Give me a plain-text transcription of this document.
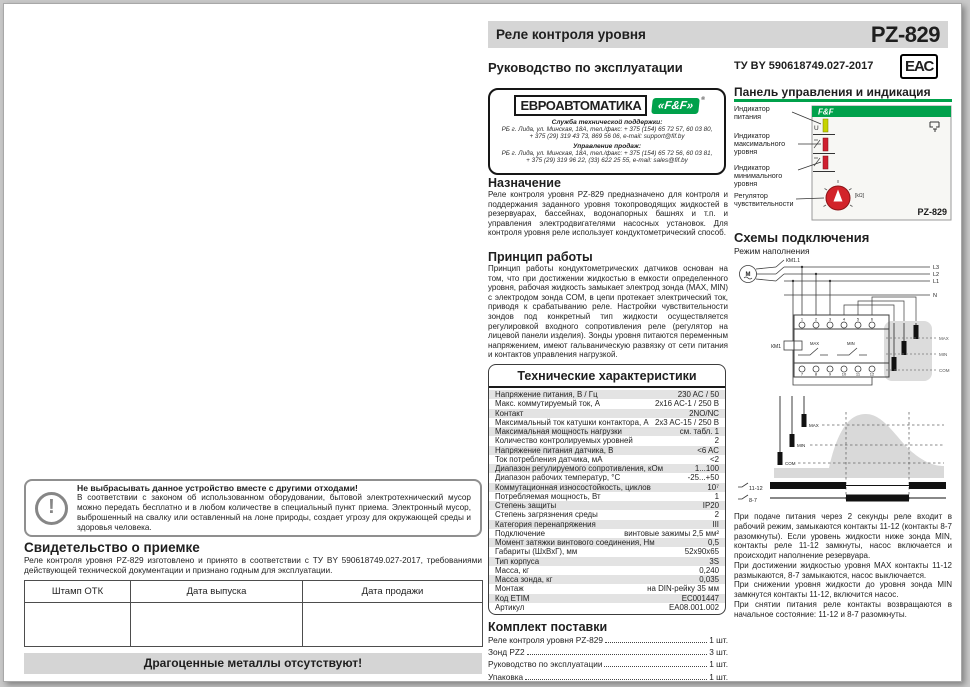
Реле контроля уровня	PZ-829
Руководство по эксплуатации
ЕВРОАВТОМАТИКА	«F&F»
®
Служба технической поддержки:
РБ г. Лида, ул. Минская, 18А, тел./факс: + 375 (154) 65 72 57, 60 03 80,
+ 375 (29) 319 43 73, 869 56 06, e-mail: support@fif.by
Управление продаж:
РБ г. Лида, ул. Минская, 18А, тел./факс: + 375 (154) 65 72 56, 60 03 81,
+ 375 (29) 319 96 22, (33) 622 25 55, e-mail: sales@fif.by
Назначение
Реле контроля уровня PZ-829 предназначено для контроля и поддержания заданного уровня токопроводящих жидкостей в резервуарах, бассейнах, водонапорных башнях и т.п. и управления электродвигателями насосных установок. Для контроля уровня реле использует кондуктометрический способ.
Принцип работы
Принцип работы кондуктометрических датчиков основан на том, что при достижении жидкостью в емкости определенного уровня, рабочая жидкость замыкает электрод зонда (MAX, MIN) с электродом зонда COM, в цепи протекает электрический ток, приводя к срабатыванию реле. Настройки чувствительности зондов под конкретный тип жидкости осуществляется регулировкой входного сопротивления реле (регулятор на лицевой панели изделия). Зонды уровня питаются переменным напряжением, имеют гальваническую развязку от сети питания и контактов управления нагрузкой.
Технические характеристики
Напряжение питания, В / Гц	230 AC / 50
Макс. коммутируемый ток, А	2x16 AC-1 / 250 В
Контакт	2NO/NC
Максимальный ток катушки контактора, А 2x3 AC-15 / 250 В
Максимальная мощность нагрузки	см. табл. 1
Количество контролируемых уровней	2
Напряжение питания датчика, В	<6 AC
Ток потребления датчика, мА	<2
Диапазон регулируемого сопротивления, кОм	1...100
Диапазон рабочих температур, °C	-25...+50
Коммутационная износостойкость, циклов	10⁷
Потребляемая мощность, Вт	1
Степень защиты	IP20
Степень загрязнения среды	2
Категория перенапряжения	III
Подключение	винтовые зажимы 2,5 мм²
Момент затяжки винтового соединения, Нм	0,5
Габариты (ШхВхГ), мм	52x90x65
Тип корпуса	3S
Масса, кг	0,240
Масса зонда, кг	0,035
Монтаж	на DIN-рейку 35 мм
Код ETIM	EC001447
Артикул	EA08.001.002
Комплект поставки
Реле контроля уровня PZ-829	1 шт.
Зонд PZ2	3 шт.
Руководство по эксплуатации	1 шт.
Упаковка	1 шт.
ТУ BY 590618749.027-2017	ЕАС
Панель управления и индикация
F&F
U
[kΩ]
PZ-829
Индикатор питания
Индикатор максимального уровня
Индикатор минимального уровня
Регулятор чувствительности
Схемы подключения
Режим наполнения
M
КМ1.1
КМ1
L3
L2
L1
N
1	2	3	4	5	6
7	8	9	10 11 12
MAX	MIN
MAX
MIN
COM
MAX
MIN
COM
11-12
8-7

При подаче питания через 2 секунды реле входит в рабочий режим, замыкаются контакты 11-12 (контакты 8-7 разомкнуты). Если уровень жидкости ниже зонда MIN, контакты реле 11-12 замкнуты, насос включается и происходит наполнение резервуара.

При достижении жидкостью уровня MAX контакты 11-12 размыкаются, 8-7 замыкаются, насос выключается.

При снижении уровня жидкости до уровня зонда MIN замкнутся контакты 11-12, включится насос.

При снятии питания реле контакты возвращаются в начальное состояние: 11-12 и 8-7 разомкнуты.

!
Не выбрасывать данное устройство вместе с другими отходами!
В соответствии с законом об использованном оборудовании, бытовой электротехнический мусор можно передать бесплатно и в любом количестве в специальный пункт приема. Электронный мусор, выброшенный на свалку или оставленный на лоне природы, создает угрозу для окружающей среды и здоровья человека.
Свидетельство о приемке
Реле контроля уровня PZ-829 изготовлено и принято в соответствии с ТУ BY 590618749.027-2017, требованиями действующей технической документации и признано годным для эксплуатации.
Штамп ОТК	Дата выпуска	Дата продажи

Драгоценные металлы отсутствуют!
